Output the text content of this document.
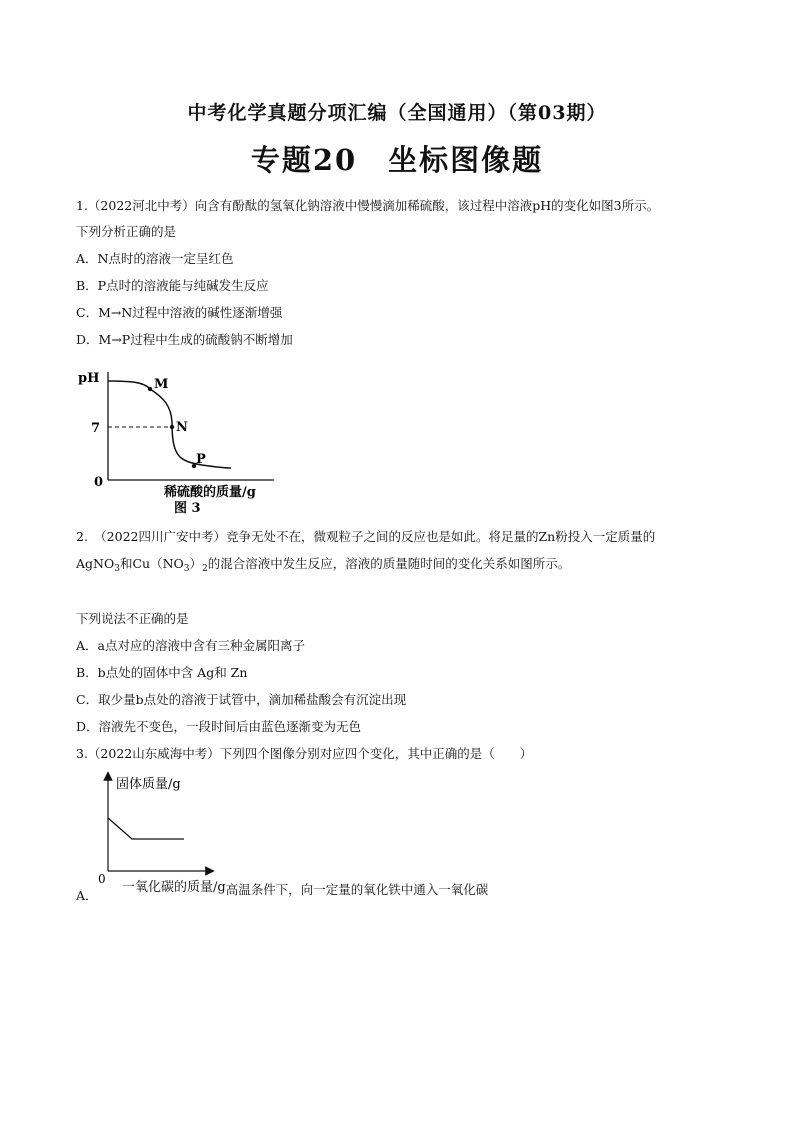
中考化学真题分项汇编（全国通用）（第03期）
专题20　坐标图像题
1.（2022河北中考）向含有酚酞的氢氧化钠溶液中慢慢滴加稀硫酸，该过程中溶液pH的变化如图3所示。
下列分析正确的是
A．N点时的溶液一定呈红色
B．P点时的溶液能与纯碱发生反应
C．M→N过程中溶液的碱性逐渐增强
D．M→P过程中生成的硫酸钠不断增加
pH
7
0
M
N
P
稀硫酸的质量/g
图 3
2.　（2022四川广安中考）竞争无处不在，微观粒子之间的反应也是如此。将足量的Zn粉投入一定质量的
AgNO$_3$和$Cu(NO_3)_2$的混合溶液中发生反应，溶液的质量随时间的变化关系如图所示。
下列说法不正确的是
A．a点对应的溶液中含有三种金属阳离子
B．b点处的固体中含 Ag和 Zn
C．取少量b点处的溶液于试管中，滴加稀盐酸会有沉淀出现
D．溶液先不变色，一段时间后由蓝色逐渐变为无色
3.（2022山东威海中考）下列四个图像分别对应四个变化，其中正确的是（　　）
固体质量/g
0
A．一氧化碳的质量/g高温条件下，向一定量的氧化铁中通入一氧化碳
